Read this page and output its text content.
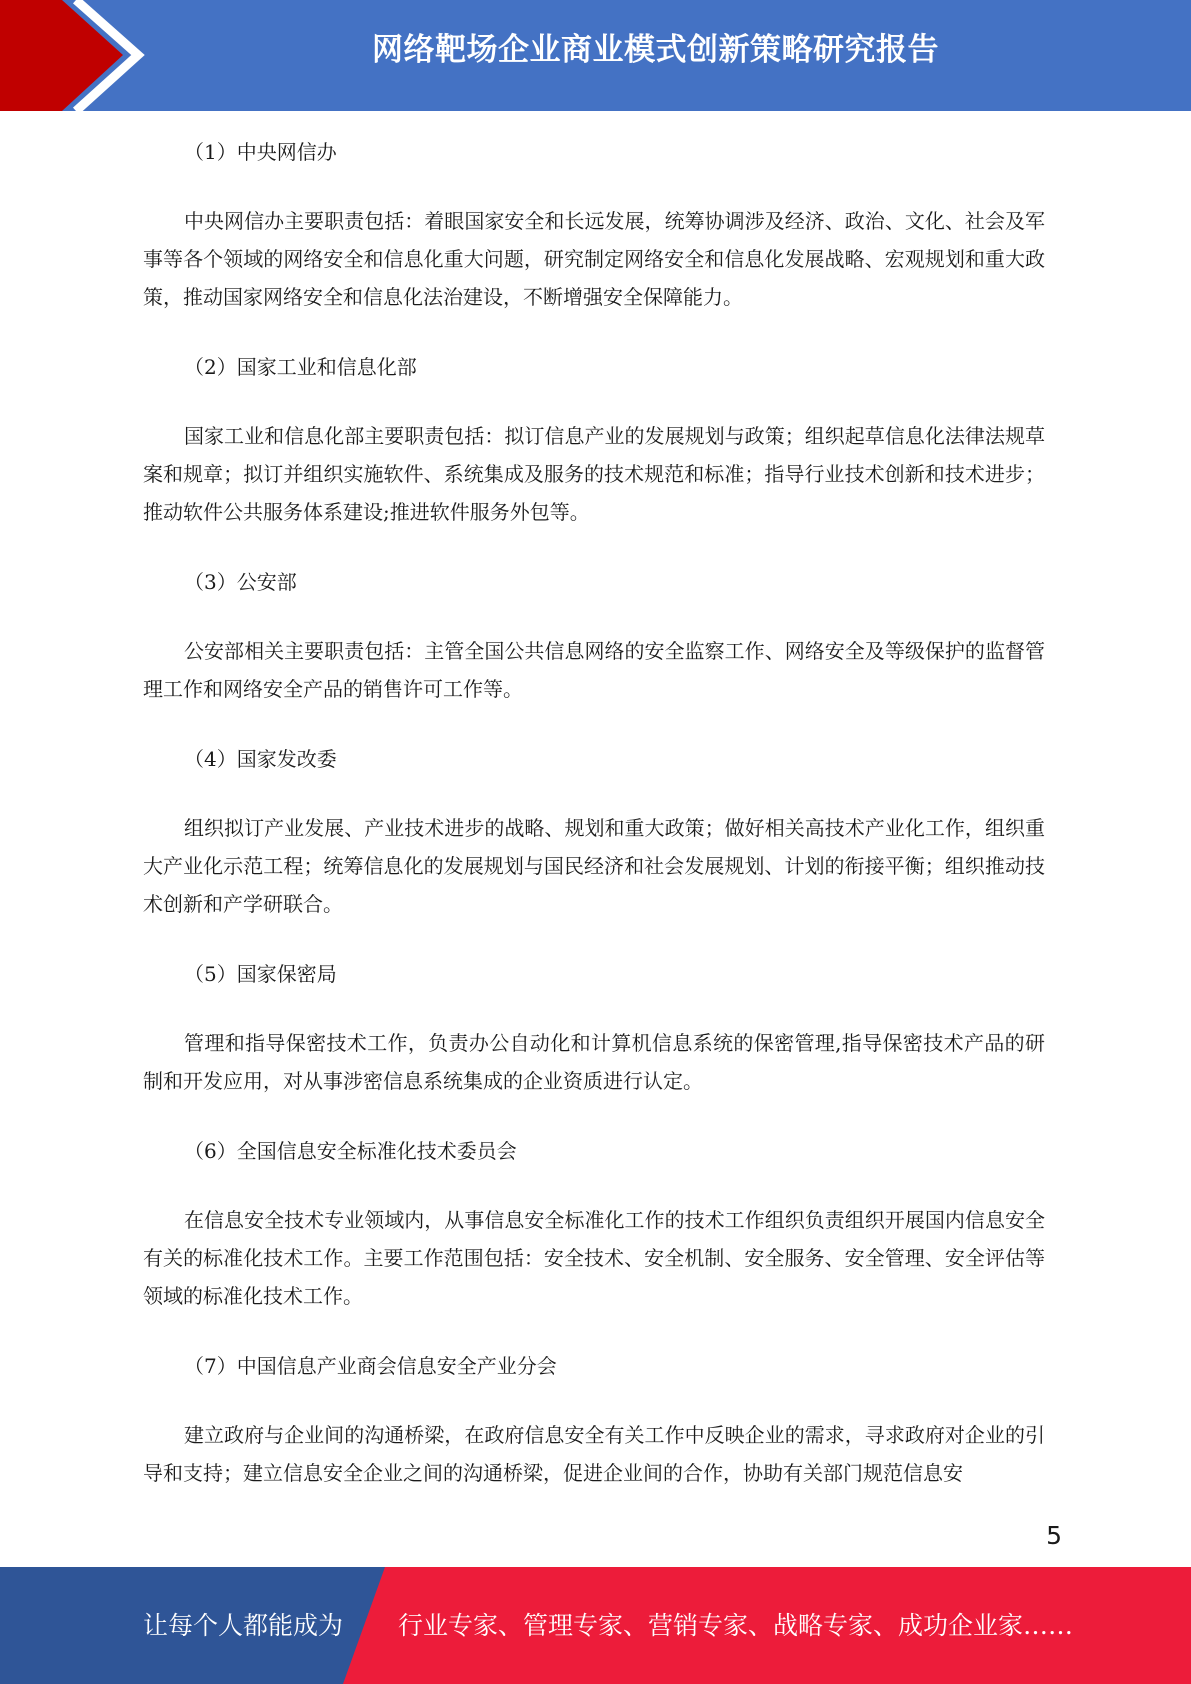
网络靶场企业商业模式创新策略研究报告

（1）中央网信办

中央网信办主要职责包括：着眼国家安全和长远发展，统筹协调涉及经济、政治、文化、社会及军事等各个领域的网络安全和信息化重大问题，研究制定网络安全和信息化发展战略、宏观规划和重大政策，推动国家网络安全和信息化法治建设，不断增强安全保障能力。

（2）国家工业和信息化部

国家工业和信息化部主要职责包括：拟订信息产业的发展规划与政策；组织起草信息化法律法规草案和规章；拟订并组织实施软件、系统集成及服务的技术规范和标准；指导行业技术创新和技术进步；推动软件公共服务体系建设;推进软件服务外包等。

（3）公安部

公安部相关主要职责包括：主管全国公共信息网络的安全监察工作、网络安全及等级保护的监督管理工作和网络安全产品的销售许可工作等。

（4）国家发改委

组织拟订产业发展、产业技术进步的战略、规划和重大政策；做好相关高技术产业化工作，组织重大产业化示范工程；统筹信息化的发展规划与国民经济和社会发展规划、计划的衔接平衡；组织推动技术创新和产学研联合。

（5）国家保密局

管理和指导保密技术工作，负责办公自动化和计算机信息系统的保密管理,指导保密技术产品的研制和开发应用，对从事涉密信息系统集成的企业资质进行认定。

（6）全国信息安全标准化技术委员会

在信息安全技术专业领域内，从事信息安全标准化工作的技术工作组织负责组织开展国内信息安全有关的标准化技术工作。主要工作范围包括：安全技术、安全机制、安全服务、安全管理、安全评估等领域的标准化技术工作。

（7）中国信息产业商会信息安全产业分会

建立政府与企业间的沟通桥梁，在政府信息安全有关工作中反映企业的需求，寻求政府对企业的引导和支持；建立信息安全企业之间的沟通桥梁，促进企业间的合作，协助有关部门规范信息安

5
让每个人都能成为 行业专家、管理专家、营销专家、战略专家、成功企业家……
